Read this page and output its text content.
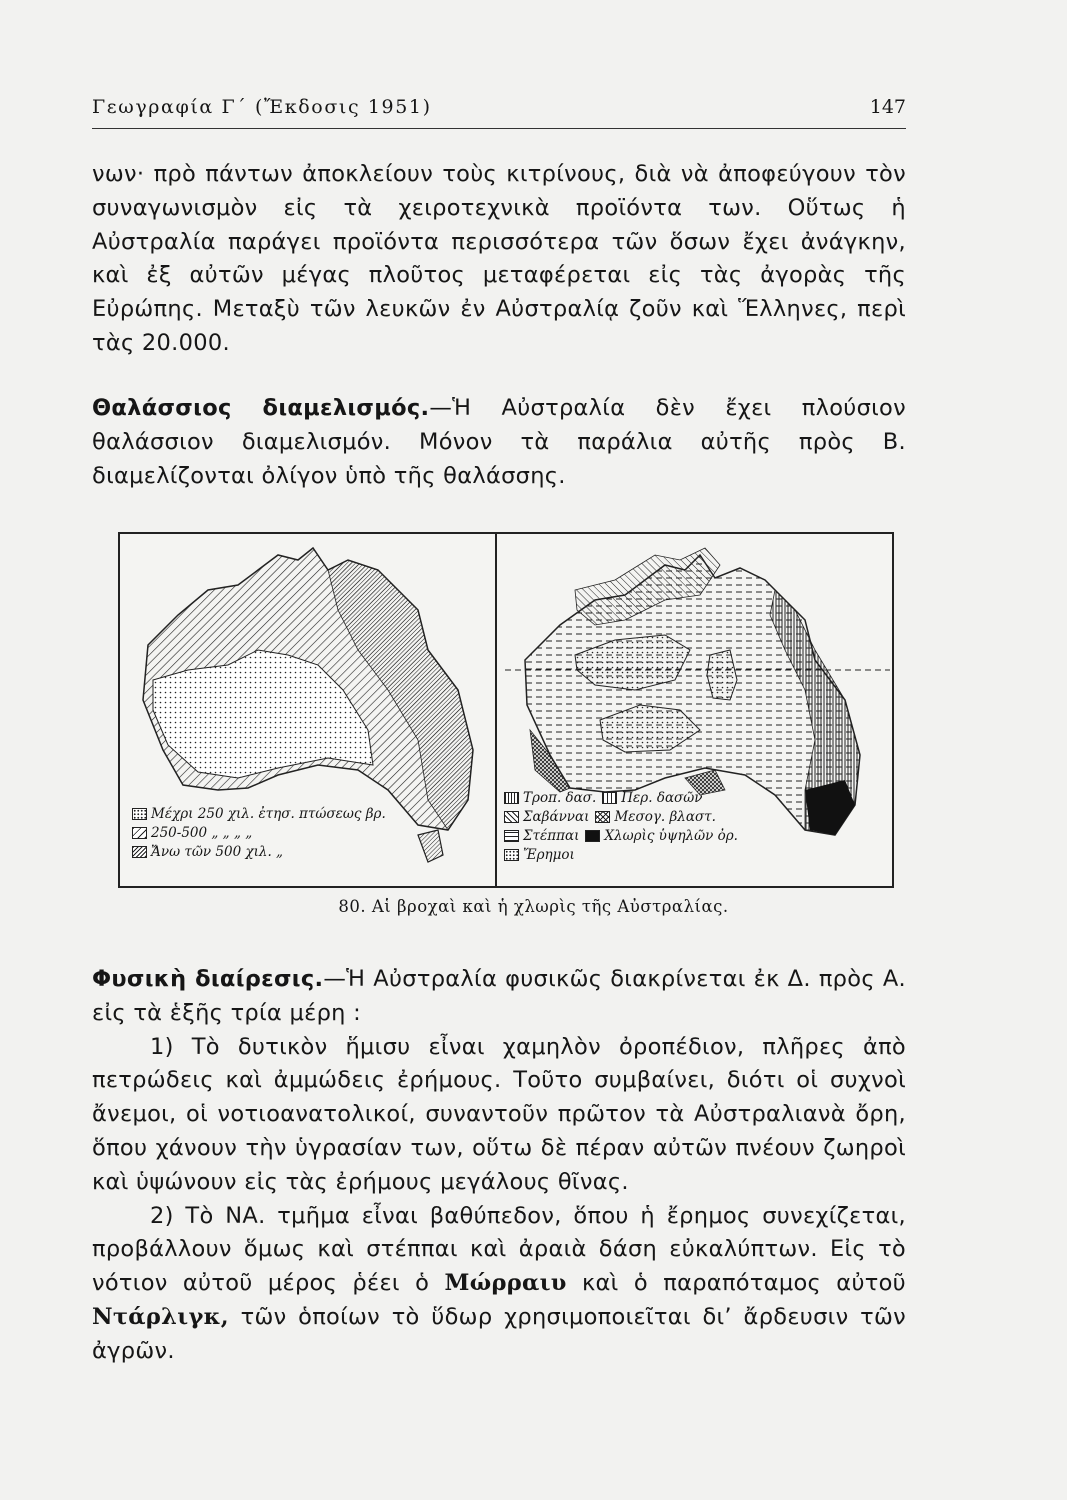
Γεωγραφία Γ΄ (Ἔκδοσις 1951)	147
νων· πρὸ πάντων ἀποκλείουν τοὺς κιτρίνους, διὰ νὰ ἀποφεύγουν τὸν συναγωνισμὸν εἰς τὰ χειροτεχνικὰ προϊόντα των. Οὕτως ἡ Αὐστραλία παράγει προϊόντα περισσότερα τῶν ὅσων ἔχει ἀνάγκην, καὶ ἐξ αὐτῶν μέγας πλοῦτος μεταφέρεται εἰς τὰς ἀγορὰς τῆς Εὐρώπης. Μεταξὺ τῶν λευκῶν ἐν Αὐστραλίᾳ ζοῦν καὶ Ἕλληνες, περὶ τὰς 20.000.
Θαλάσσιος διαμελισμός.—Ἡ Αὐστραλία δὲν ἔχει πλούσιον θαλάσσιον διαμελισμόν. Μόνον τὰ παράλια αὐτῆς πρὸς Β. διαμελίζονται ὀλίγον ὑπὸ τῆς θαλάσσης.
Μέχρι 250 χιλ. ἐτησ. πτώσεως βρ.
250-500 „ „ „ „
Ἄνω τῶν 500 χιλ. „
Τροπ. δασ. Περ. δασῶν
Σαβάνναι Μεσογ. βλαστ.
Στέππαι Χλωρὶς ὑψηλῶν ὀρ.
Ἔρημοι
80. Αἱ βροχαὶ καὶ ἡ χλωρὶς τῆς Αὐστραλίας.
Φυσικὴ διαίρεσις.—Ἡ Αὐστραλία φυσικῶς διακρίνεται ἐκ Δ. πρὸς Α. εἰς τὰ ἑξῆς τρία μέρη :
1) Τὸ δυτικὸν ἥμισυ εἶναι χαμηλὸν ὀροπέδιον, πλῆρες ἀπὸ πετρώδεις καὶ ἀμμώδεις ἐρήμους. Τοῦτο συμβαίνει, διότι οἱ συχνοὶ ἄνεμοι, οἱ νοτιοανατολικοί, συναντοῦν πρῶτον τὰ Αὐστραλιανὰ ὄρη, ὅπου χάνουν τὴν ὑγρασίαν των, οὕτω δὲ πέραν αὐτῶν πνέουν ζωηροὶ καὶ ὑψώνουν εἰς τὰς ἐρήμους μεγάλους θῖνας.
2) Τὸ ΝΑ. τμῆμα εἶναι βαθύπεδον, ὅπου ἡ ἔρημος συνεχίζεται, προβάλλουν ὅμως καὶ στέππαι καὶ ἀραιὰ δάση εὐκαλύπτων. Εἰς τὸ νότιον αὐτοῦ μέρος ῥέει ὁ Μώρραιυ καὶ ὁ παραπόταμος αὐτοῦ Ντάρλιγκ, τῶν ὁποίων τὸ ὕδωρ χρησιμοποιεῖται δι’ ἄρδευσιν τῶν ἀγρῶν.
